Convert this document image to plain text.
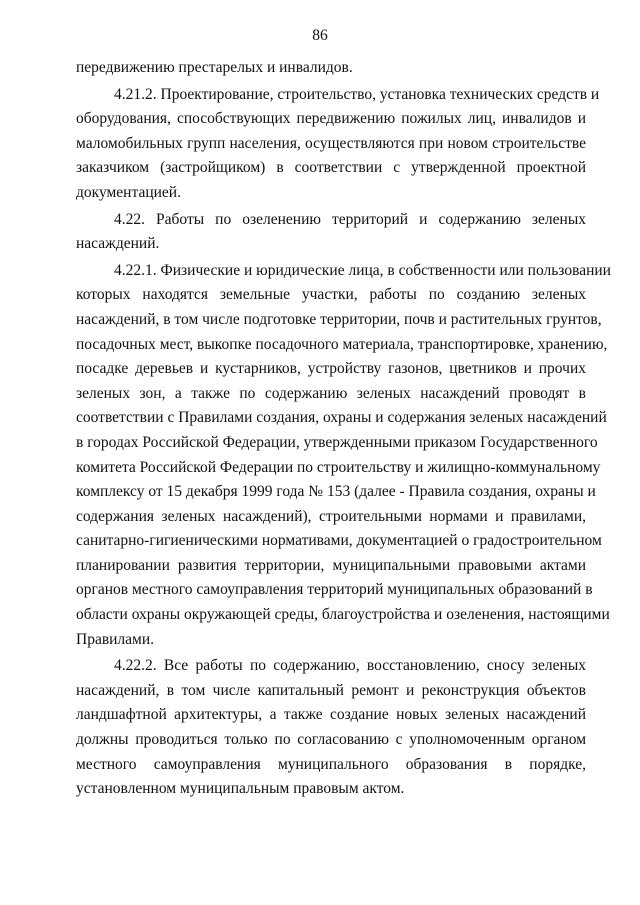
86
передвижению престарелых и инвалидов.
4.21.2. Проектирование, строительство, установка технических средств и
оборудования, способствующих передвижению пожилых лиц, инвалидов и
маломобильных групп населения, осуществляются при новом строительстве
заказчиком (застройщиком) в соответствии с утвержденной проектной
документацией.
4.22. Работы по озеленению территорий и содержанию зеленых
насаждений.
4.22.1. Физические и юридические лица, в собственности или пользовании
которых находятся земельные участки, работы по созданию зеленых
насаждений, в том числе подготовке территории, почв и растительных грунтов,
посадочных мест, выкопке посадочного материала, транспортировке, хранению,
посадке деревьев и кустарников, устройству газонов, цветников и прочих
зеленых зон, а также по содержанию зеленых насаждений проводят в
соответствии с Правилами создания, охраны и содержания зеленых насаждений
в городах Российской Федерации, утвержденными приказом Государственного
комитета Российской Федерации по строительству и жилищно-коммунальному
комплексу от 15 декабря 1999 года № 153 (далее - Правила создания, охраны и
содержания зеленых насаждений), строительными нормами и правилами,
санитарно-гигиеническими нормативами, документацией о градостроительном
планировании развития территории, муниципальными правовыми актами
органов местного самоуправления территорий муниципальных образований в
области охраны окружающей среды, благоустройства и озеленения, настоящими
Правилами.
4.22.2. Все работы по содержанию, восстановлению, сносу зеленых
насаждений, в том числе капитальный ремонт и реконструкция объектов
ландшафтной архитектуры, а также создание новых зеленых насаждений
должны проводиться только по согласованию с уполномоченным органом
местного самоуправления муниципального образования в порядке,
установленном муниципальным правовым актом.
